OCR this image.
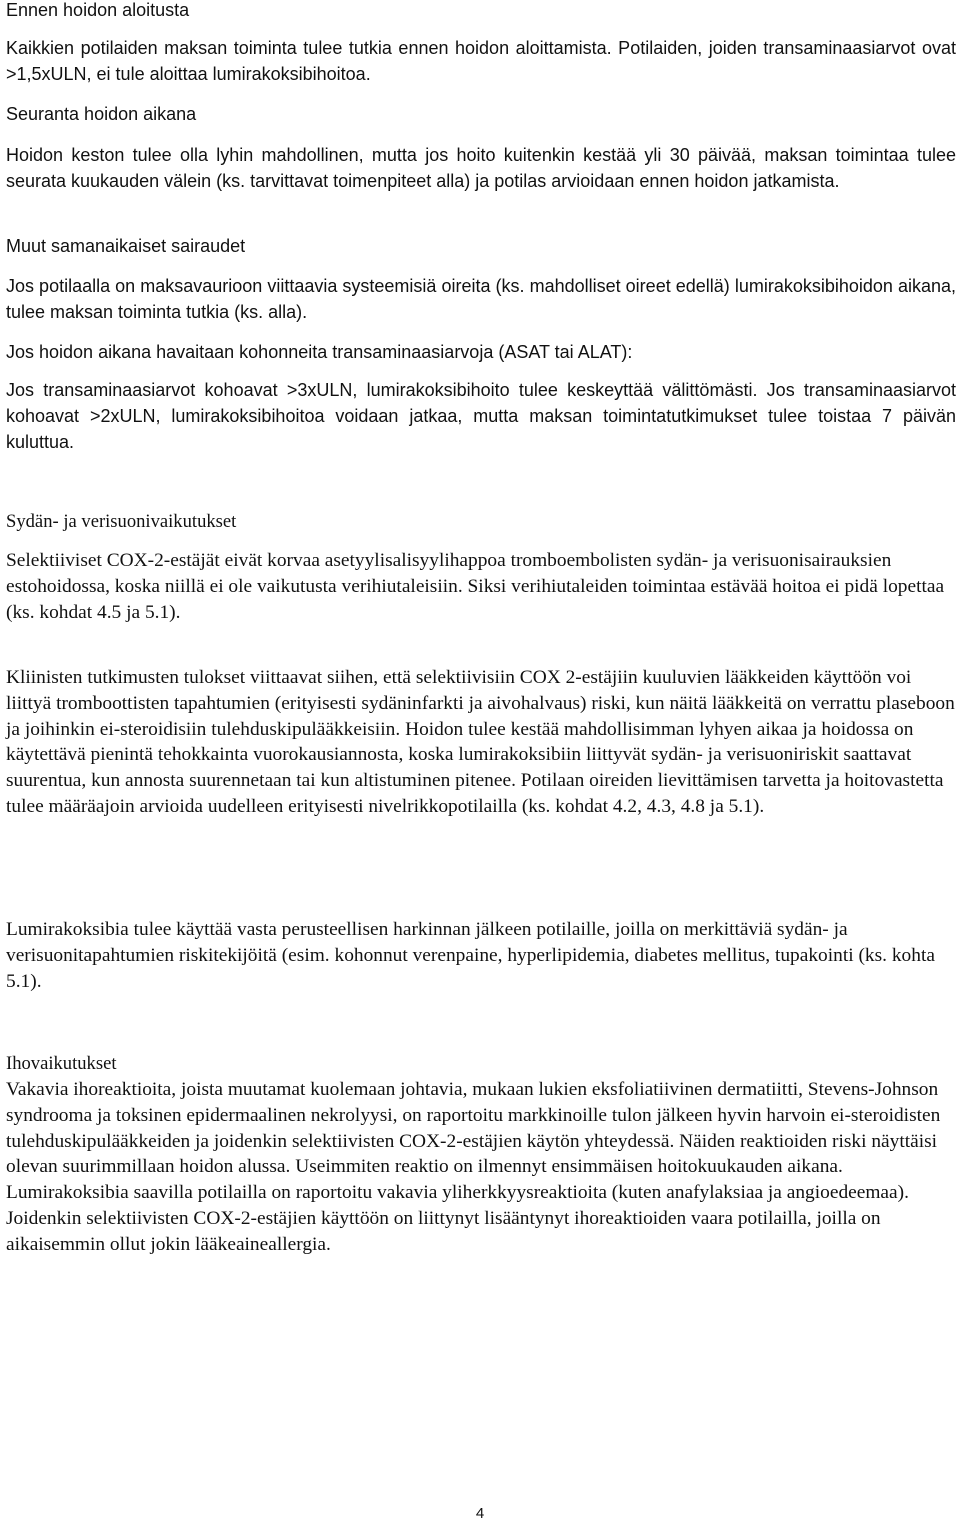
Ennen hoidon aloitusta

Kaikkien potilaiden maksan toiminta tulee tutkia ennen hoidon aloittamista. Potilaiden, joiden transaminaasiarvot ovat >1,5xULN, ei tule aloittaa lumirakoksibihoitoa.

Seuranta hoidon aikana

Hoidon keston tulee olla lyhin mahdollinen, mutta jos hoito kuitenkin kestää yli 30 päivää, maksan toimintaa tulee seurata kuukauden välein (ks. tarvittavat toimenpiteet alla) ja potilas arvioidaan ennen hoidon jatkamista.

Muut samanaikaiset sairaudet

Jos potilaalla on maksavaurioon viittaavia systeemisiä oireita (ks. mahdolliset oireet edellä) lumirakoksibihoidon aikana, tulee maksan toiminta tutkia (ks. alla).

Jos hoidon aikana havaitaan kohonneita transaminaasiarvoja (ASAT tai ALAT):

Jos transaminaasiarvot kohoavat >3xULN, lumirakoksibihoito tulee keskeyttää välittömästi. Jos transaminaasiarvot kohoavat >2xULN, lumirakoksibihoitoa voidaan jatkaa, mutta maksan toimintatutkimukset tulee toistaa 7 päivän kuluttua.

Sydän- ja verisuonivaikutukset

Selektiiviset COX-2-estäjät eivät korvaa asetyylisalisyylihappoa tromboembolisten sydän- ja verisuonisairauksien estohoidossa, koska niillä ei ole vaikutusta verihiutaleisiin. Siksi verihiutaleiden toimintaa estävää hoitoa ei pidä lopettaa (ks. kohdat 4.5 ja 5.1).

Kliinisten tutkimusten tulokset viittaavat siihen, että selektiivisiin COX 2-estäjiin kuuluvien lääkkeiden käyttöön voi liittyä tromboottisten tapahtumien (erityisesti sydäninfarkti ja aivohalvaus) riski, kun näitä lääkkeitä on verrattu plaseboon ja joihinkin ei-steroidisiin tulehduskipulääkkeisiin. Hoidon tulee kestää mahdollisimman lyhyen aikaa ja hoidossa on käytettävä pienintä tehokkainta vuorokausiannosta, koska lumirakoksibiin liittyvät sydän- ja verisuoniriskit saattavat suurentua, kun annosta suurennetaan tai kun altistuminen pitenee. Potilaan oireiden lievittämisen tarvetta ja hoitovastetta tulee määräajoin arvioida uudelleen erityisesti nivelrikkopotilailla (ks. kohdat 4.2, 4.3, 4.8 ja 5.1).

Lumirakoksibia tulee käyttää vasta perusteellisen harkinnan jälkeen potilaille, joilla on merkittäviä sydän- ja verisuonitapahtumien riskitekijöitä (esim. kohonnut verenpaine, hyperlipidemia, diabetes mellitus, tupakointi (ks. kohta 5.1).

Ihovaikutukset

Vakavia ihoreaktioita, joista muutamat kuolemaan johtavia, mukaan lukien eksfoliatiivinen dermatiitti, Stevens-Johnson syndrooma ja toksinen epidermaalinen nekrolyysi, on raportoitu markkinoille tulon jälkeen hyvin harvoin ei-steroidisten tulehduskipulääkkeiden ja joidenkin selektiivisten COX-2-estäjien käytön yhteydessä. Näiden reaktioiden riski näyttäisi olevan suurimmillaan hoidon alussa. Useimmiten reaktio on ilmennyt ensimmäisen hoitokuukauden aikana. Lumirakoksibia saavilla potilailla on raportoitu vakavia yliherkkyysreaktioita (kuten anafylaksiaa ja angioedeemaa). Joidenkin selektiivisten COX-2-estäjien käyttöön on liittynyt lisääntynyt ihoreaktioiden vaara potilailla, joilla on aikaisemmin ollut jokin lääkeaineallergia.

4
